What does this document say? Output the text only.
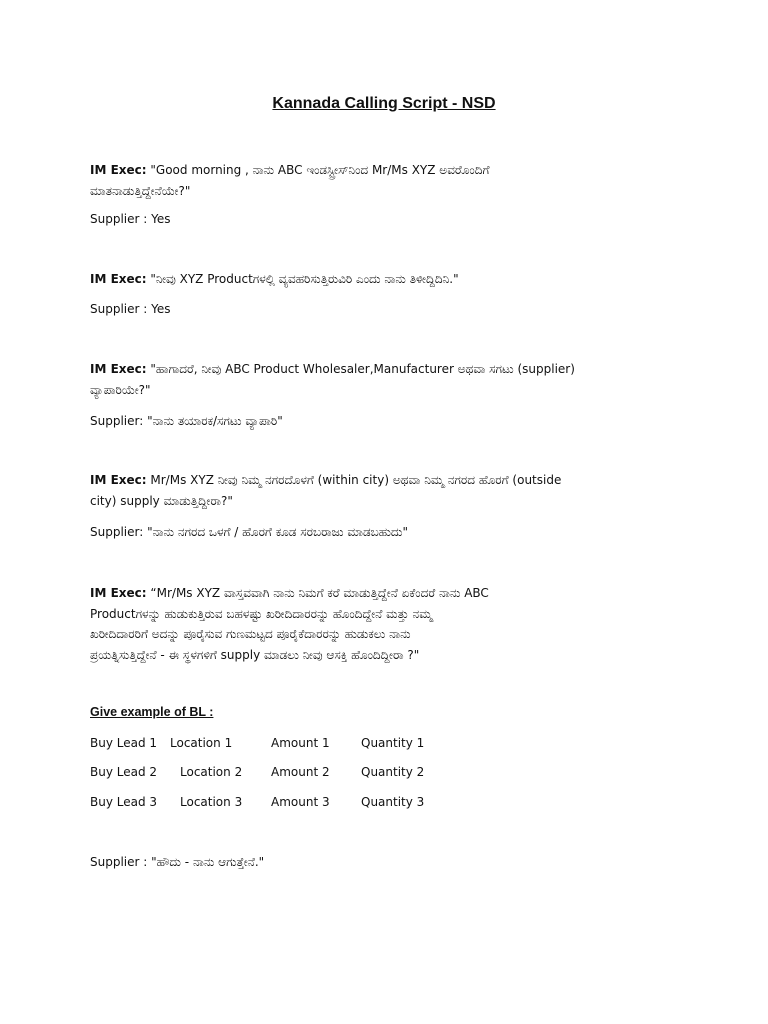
Kannada Calling Script - NSD
IM Exec: "Good morning , ನಾನು ABC ಇಂಡಸ್ಟ್ರೀಸ್‌ನಿಂದ Mr/Ms XYZ ಅವರೊಂದಿಗೆ
ಮಾತನಾಡುತ್ತಿದ್ದೇನೆಯೇ?"
Supplier : Yes
IM Exec: "ನೀವು XYZ Productಗಳಲ್ಲಿ ವ್ಯವಹರಿಸುತ್ತಿರುವಿರಿ ಎಂದು ನಾನು ತಿಳೀದ್ದಿದಿನಿ."
Supplier : Yes
IM Exec: "ಹಾಗಾದರೆ, ನೀವು ABC Product Wholesaler,Manufacturer ಅಥವಾ ಸಗಟು (supplier)
ವ್ಯಾಪಾರಿಯೇ?"
Supplier: "ನಾನು ತಯಾರಕ/ಸಗಟು ವ್ಯಾಪಾರಿ"
IM Exec: Mr/Ms XYZ ನೀವು ನಿಮ್ಮ ನಗರದೊಳಗೆ (within city) ಅಥವಾ ನಿಮ್ಮ ನಗರದ ಹೊರಗೆ (outside
city) supply ಮಾಡುತ್ತಿದ್ದೀರಾ?"
Supplier: "ನಾನು ನಗರದ ಒಳಗೆ / ಹೊರಗೆ ಕೂಡ ಸರಬರಾಜು ಮಾಡಬಹುದು"
IM Exec: “Mr/Ms XYZ ವಾಸ್ತವವಾಗಿ ನಾನು ನಿಮಗೆ ಕರೆ ಮಾಡುತ್ತಿದ್ದೇನೆ ಏಕೆಂದರೆ ನಾನು ABC
Productಗಳನ್ನು ಹುಡುಕುತ್ತಿರುವ ಬಹಳಷ್ಟು ಖರೀದಿದಾರರನ್ನು ಹೊಂದಿದ್ದೇನೆ ಮತ್ತು ನಮ್ಮ
ಖರೀದಿದಾರರಿಗೆ ಅದನ್ನು ಪೂರೈಸುವ ಗುಣಮಟ್ಟದ ಪೂರೈಕೆದಾರರನ್ನು ಹುಡುಕಲು ನಾನು
ಪ್ರಯತ್ನಿಸುತ್ತಿದ್ದೇನೆ - ಈ ಸ್ಥಳಗಳಿಗೆ supply ಮಾಡಲು ನೀವು ಆಸಕ್ತಿ ಹೊಂದಿದ್ದೀರಾ ?"
Give example of BL :
Buy Lead 1 Location 1	Amount 1	Quantity 1
Buy Lead 2 Location 2 Amount 2	Quantity 2
Buy Lead 3 Location 3 Amount 3	Quantity 3
Supplier : "ಹೌದು - ನಾನು ಆಗುತ್ತೇನೆ."
